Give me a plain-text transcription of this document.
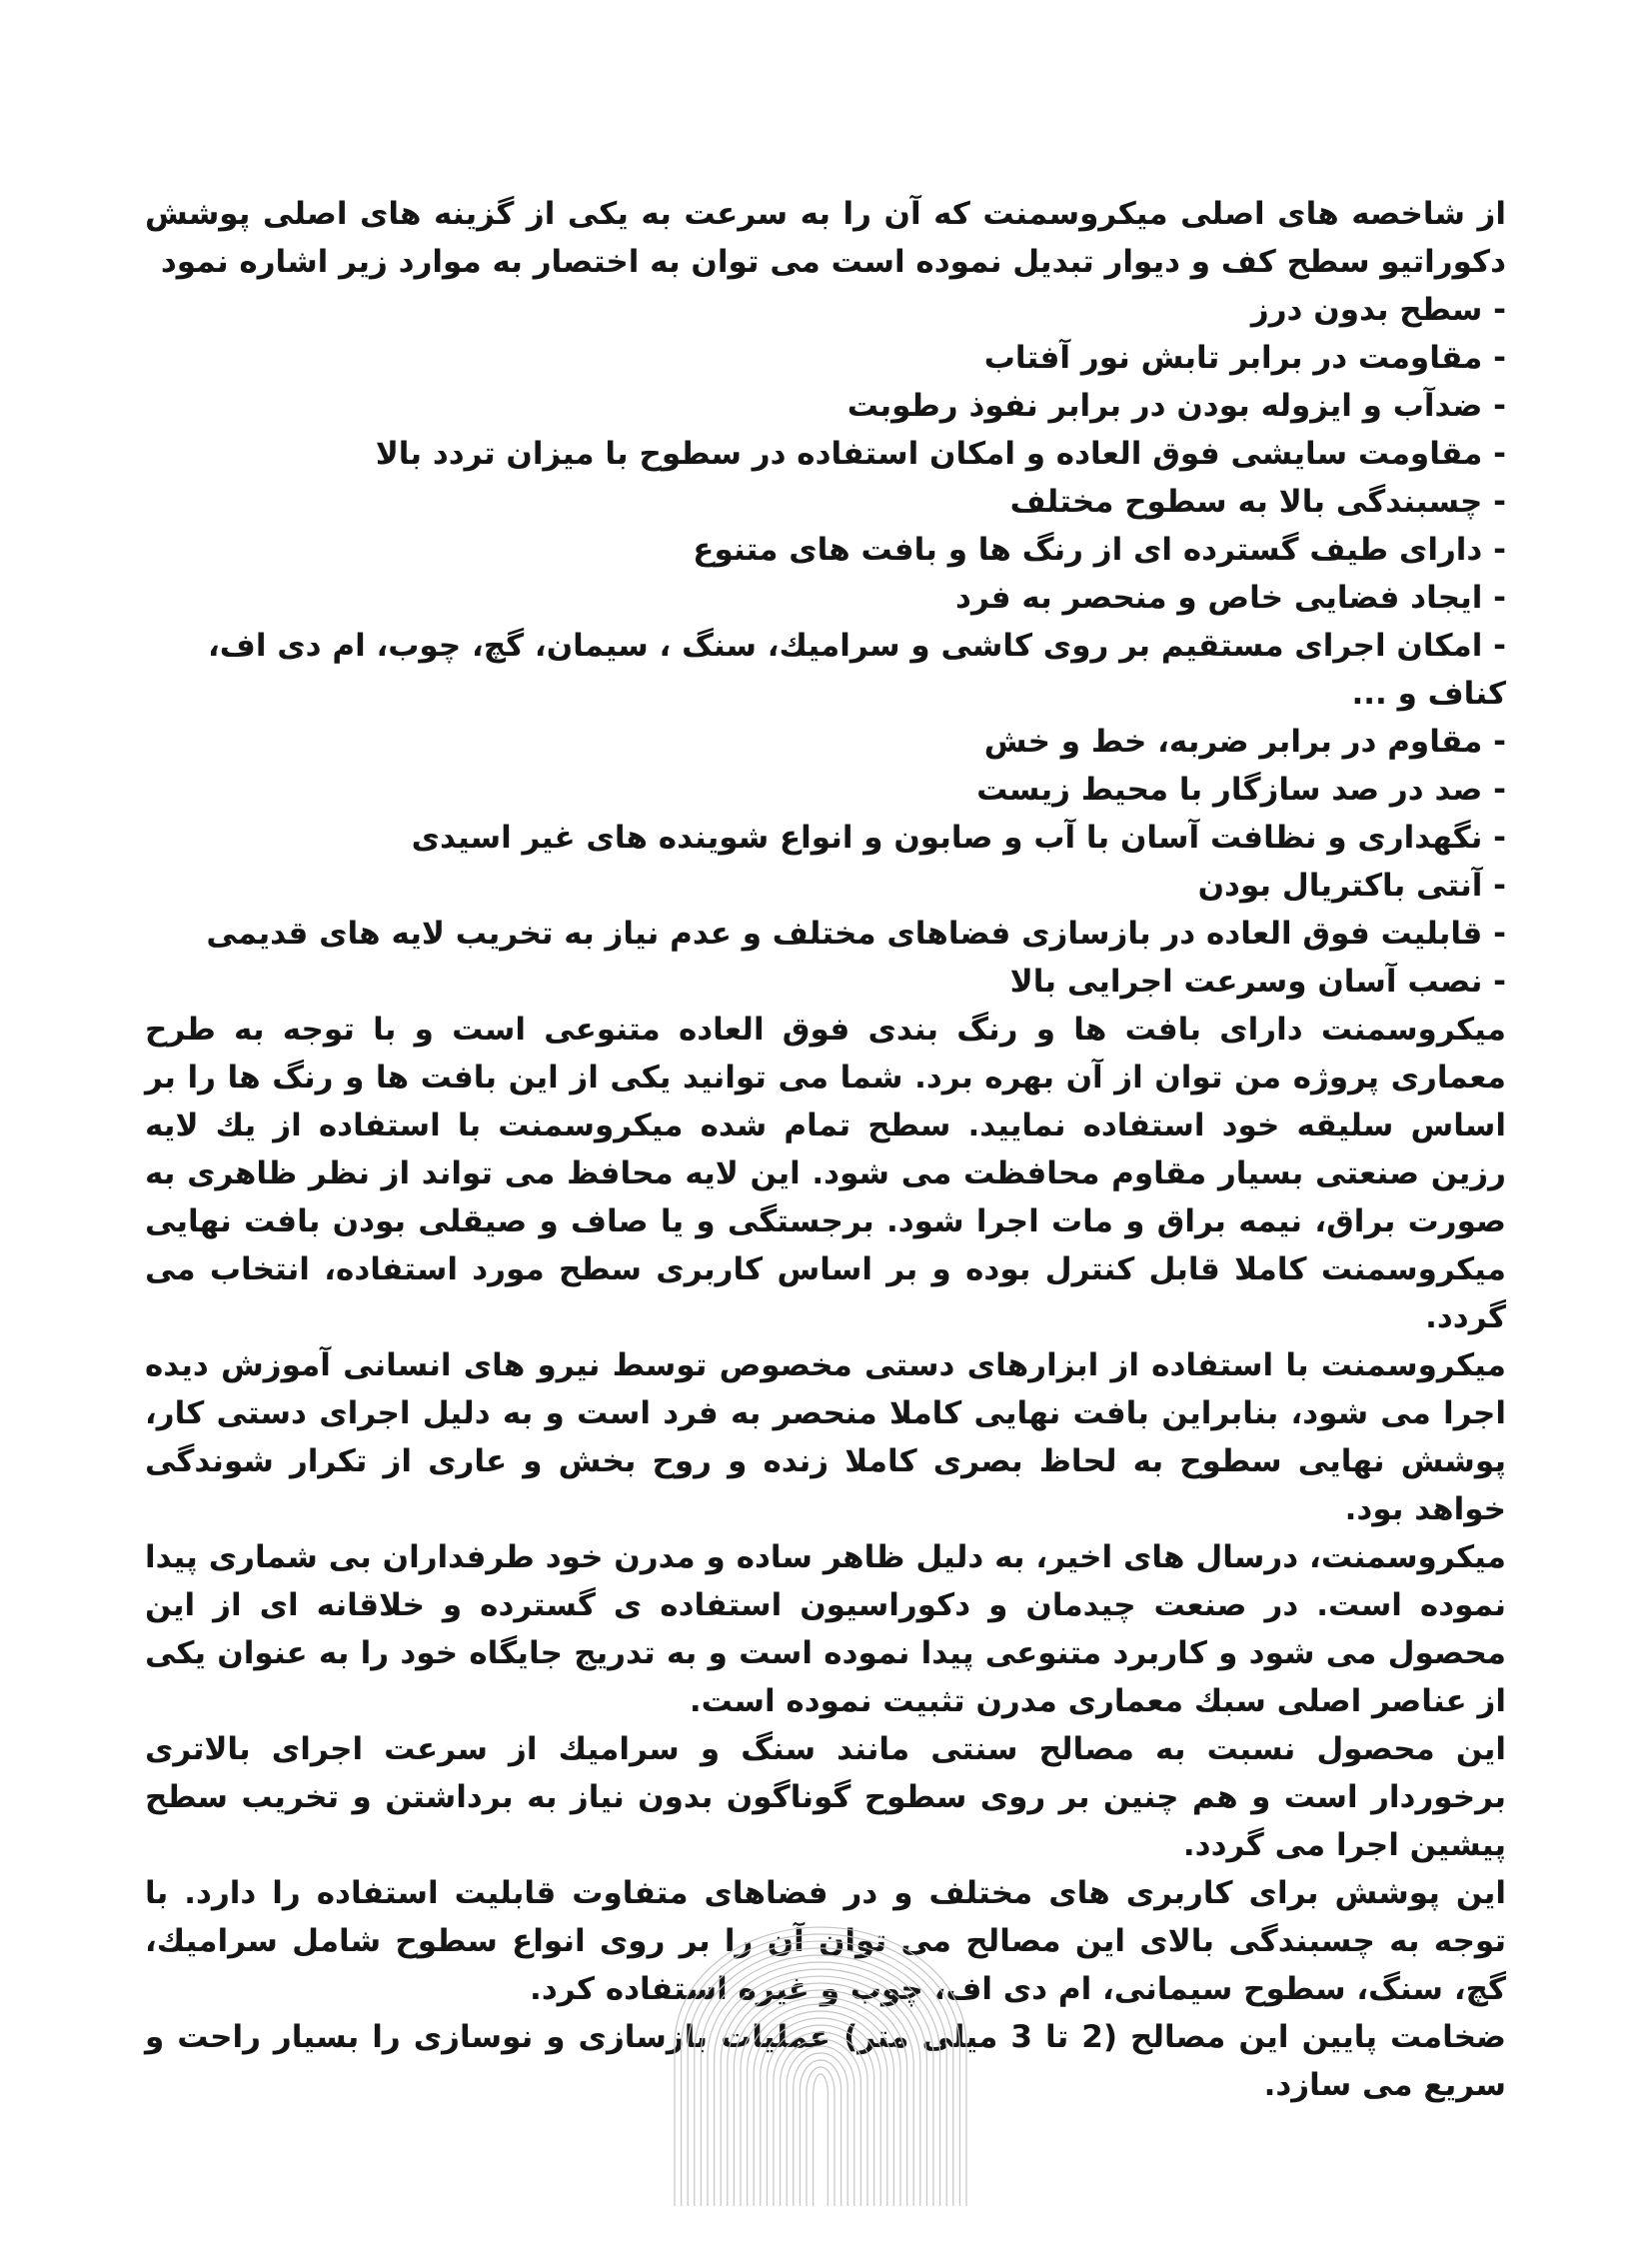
از شاخصه های اصلی میکروسمنت که آن را به سرعت به یکی از گزینه های اصلی پوشش دکوراتیو سطح کف و دیوار تبدیل نموده است می توان به اختصار به موارد زیر اشاره نمود

- سطح بدون درز

- مقاومت در برابر تابش نور آفتاب

- ضدآب و ایزوله بودن در برابر نفوذ رطوبت

- مقاومت سایشی فوق العاده و امکان استفاده در سطوح با میزان تردد بالا

- چسبندگی بالا به سطوح مختلف

- دارای طیف گسترده ای از رنگ ها و بافت های متنوع

- ایجاد فضایی خاص و منحصر به فرد

- امکان اجرای مستقیم بر روی کاشی و سرامیك، سنگ ، سیمان، گچ، چوب، ام دی اف، کناف و ...

- مقاوم در برابر ضربه، خط و خش

- صد در صد سازگار با محیط زیست

- نگهداری و نظافت آسان با آب و صابون و انواع شوینده های غیر اسیدی

- آنتی باکتریال بودن

- قابلیت فوق العاده در بازسازی فضاهای مختلف و عدم نیاز به تخریب لایه های قدیمی

- نصب آسان وسرعت اجرایی بالا

میکروسمنت دارای بافت ها و رنگ بندی فوق العاده متنوعی است و با توجه به طرح معماری پروژه من توان از آن بهره برد. شما می توانید یکی از این بافت ها و رنگ ها را بر اساس سلیقه خود استفاده نمایید. سطح تمام شده میکروسمنت با استفاده از یك لایه رزین صنعتی بسیار مقاوم محافظت می شود. این لایه محافظ می تواند از نظر ظاهری به صورت براق، نیمه براق و مات اجرا شود. برجستگی و یا صاف و صیقلی بودن بافت نهایی میکروسمنت کاملا قابل کنترل بوده و بر اساس کاربری سطح مورد استفاده، انتخاب می گردد.

میکروسمنت با استفاده از ابزارهای دستی مخصوص توسط نیرو های انسانی آموزش دیده اجرا می شود، بنابراین بافت نهایی کاملا منحصر به فرد است و به دلیل اجرای دستی کار، پوشش نهایی سطوح به لحاظ بصری کاملا زنده و روح بخش و عاری از تکرار شوندگی خواهد بود.

میکروسمنت، درسال های اخیر، به دلیل ظاهر ساده و مدرن خود طرفداران بی شماری پیدا نموده است. در صنعت چیدمان و دکوراسیون استفاده ی گسترده و خلاقانه ای از این محصول می شود و کاربرد متنوعی پیدا نموده است و به تدریج جایگاه خود را به عنوان یکی از عناصر اصلی سبك معماری مدرن تثبیت نموده است.

این محصول نسبت به مصالح سنتی مانند سنگ و سرامیك از سرعت اجرای بالاتری برخوردار است و هم چنین بر روی سطوح گوناگون بدون نیاز به برداشتن و تخریب سطح پیشین اجرا می گردد.

این پوشش برای کاربری های مختلف و در فضاهای متفاوت قابلیت استفاده را دارد. با توجه به چسبندگی بالای این مصالح می توان آن را بر روی انواع سطوح شامل سرامیك، گچ، سنگ، سطوح سیمانی، ام دی اف، چوب و غیره استفاده کرد.

ضخامت پایین این مصالح (2 تا 3 میلی متر) عملیات بازسازی و نوسازی را بسیار راحت و سریع می سازد.
